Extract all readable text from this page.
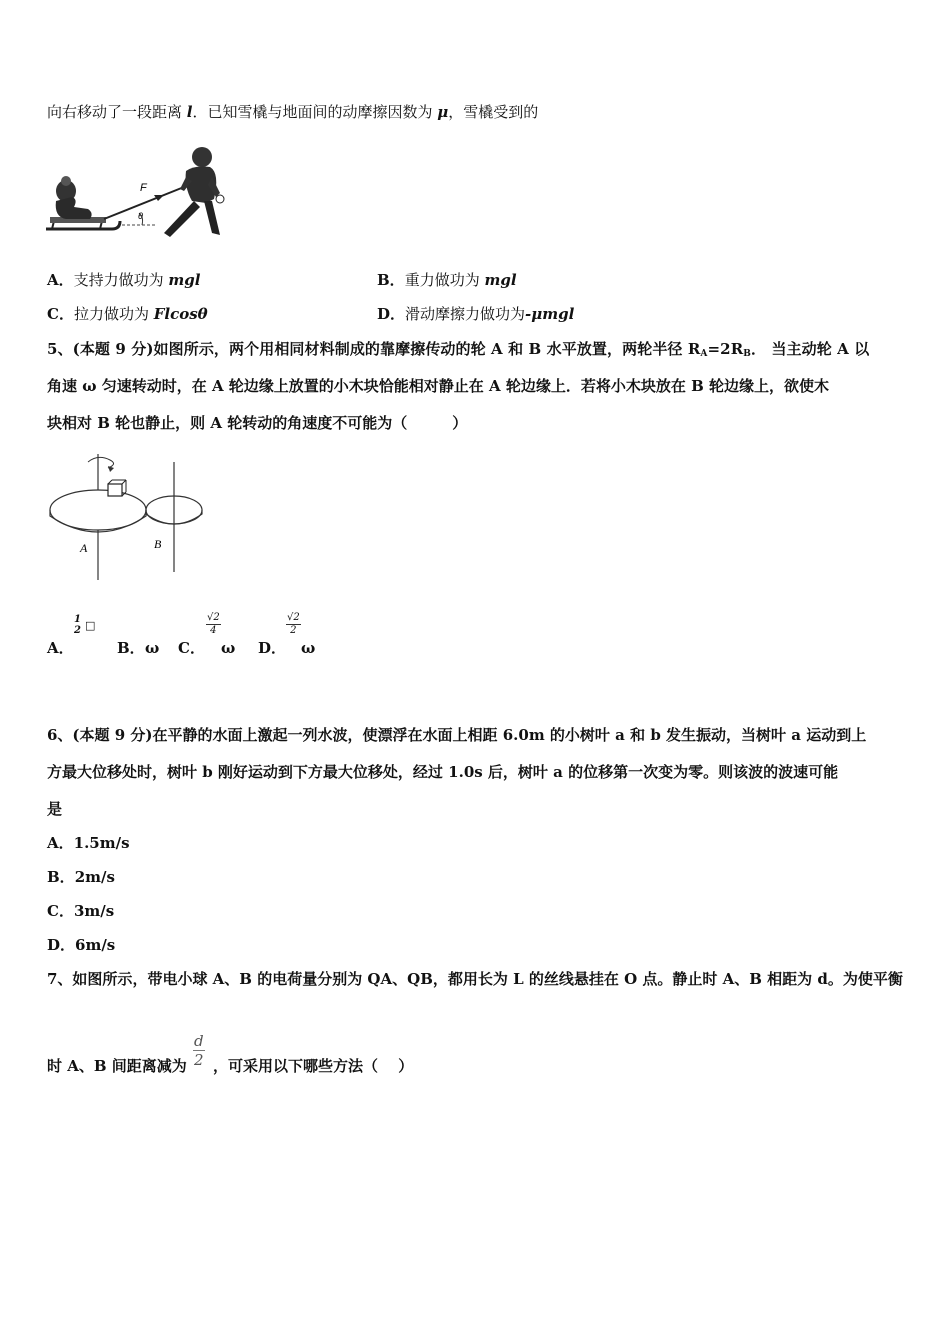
向右移动了一段距离 l．已知雪橇与地面间的动摩擦因数为 μ，雪橇受到的
F
θ
A．支持力做功为 mgl	B．重力做功为 mgl
C．拉力做功为 Flcosθ	D．滑动摩擦力做功为-μmgl
5、(本题 9 分)如图所示，两个用相同材料制成的靠摩擦传动的轮 A 和 B 水平放置，两轮半径 $R_A=2R_B$． 当主动轮 A 以
角速 ω 匀速转动时，在 A 轮边缘上放置的小木块恰能相对静止在 A 轮边缘上．若将小木块放在 B 轮边缘上，欲使木
块相对 B 轮也静止，则 A 轮转动的角速度不可能为（　　　）
A	B
A．
1
2 □
B． ω C．
$\frac{√2}{4}$
ω D．
$\frac{√2}{2}$
ω
6、(本题 9 分)在平静的水面上激起一列水波，使漂浮在水面上相距 6.0m 的小树叶 a 和 b 发生振动，当树叶 a 运动到上
方最大位移处时，树叶 b 刚好运动到下方最大位移处，经过 1.0s 后，树叶 a 的位移第一次变为零。则该波的波速可能
是
A．1.5m/s
B．2m/s
C．3m/s
D．6m/s
7、如图所示，带电小球 A、B 的电荷量分别为 QA、QB，都用长为 L 的丝线悬挂在 O 点。静止时 A、B 相距为 d。为使平衡
时 A、B 间距离减为 $\frac{d}{2}$ ，可采用以下哪些方法（　 ）
